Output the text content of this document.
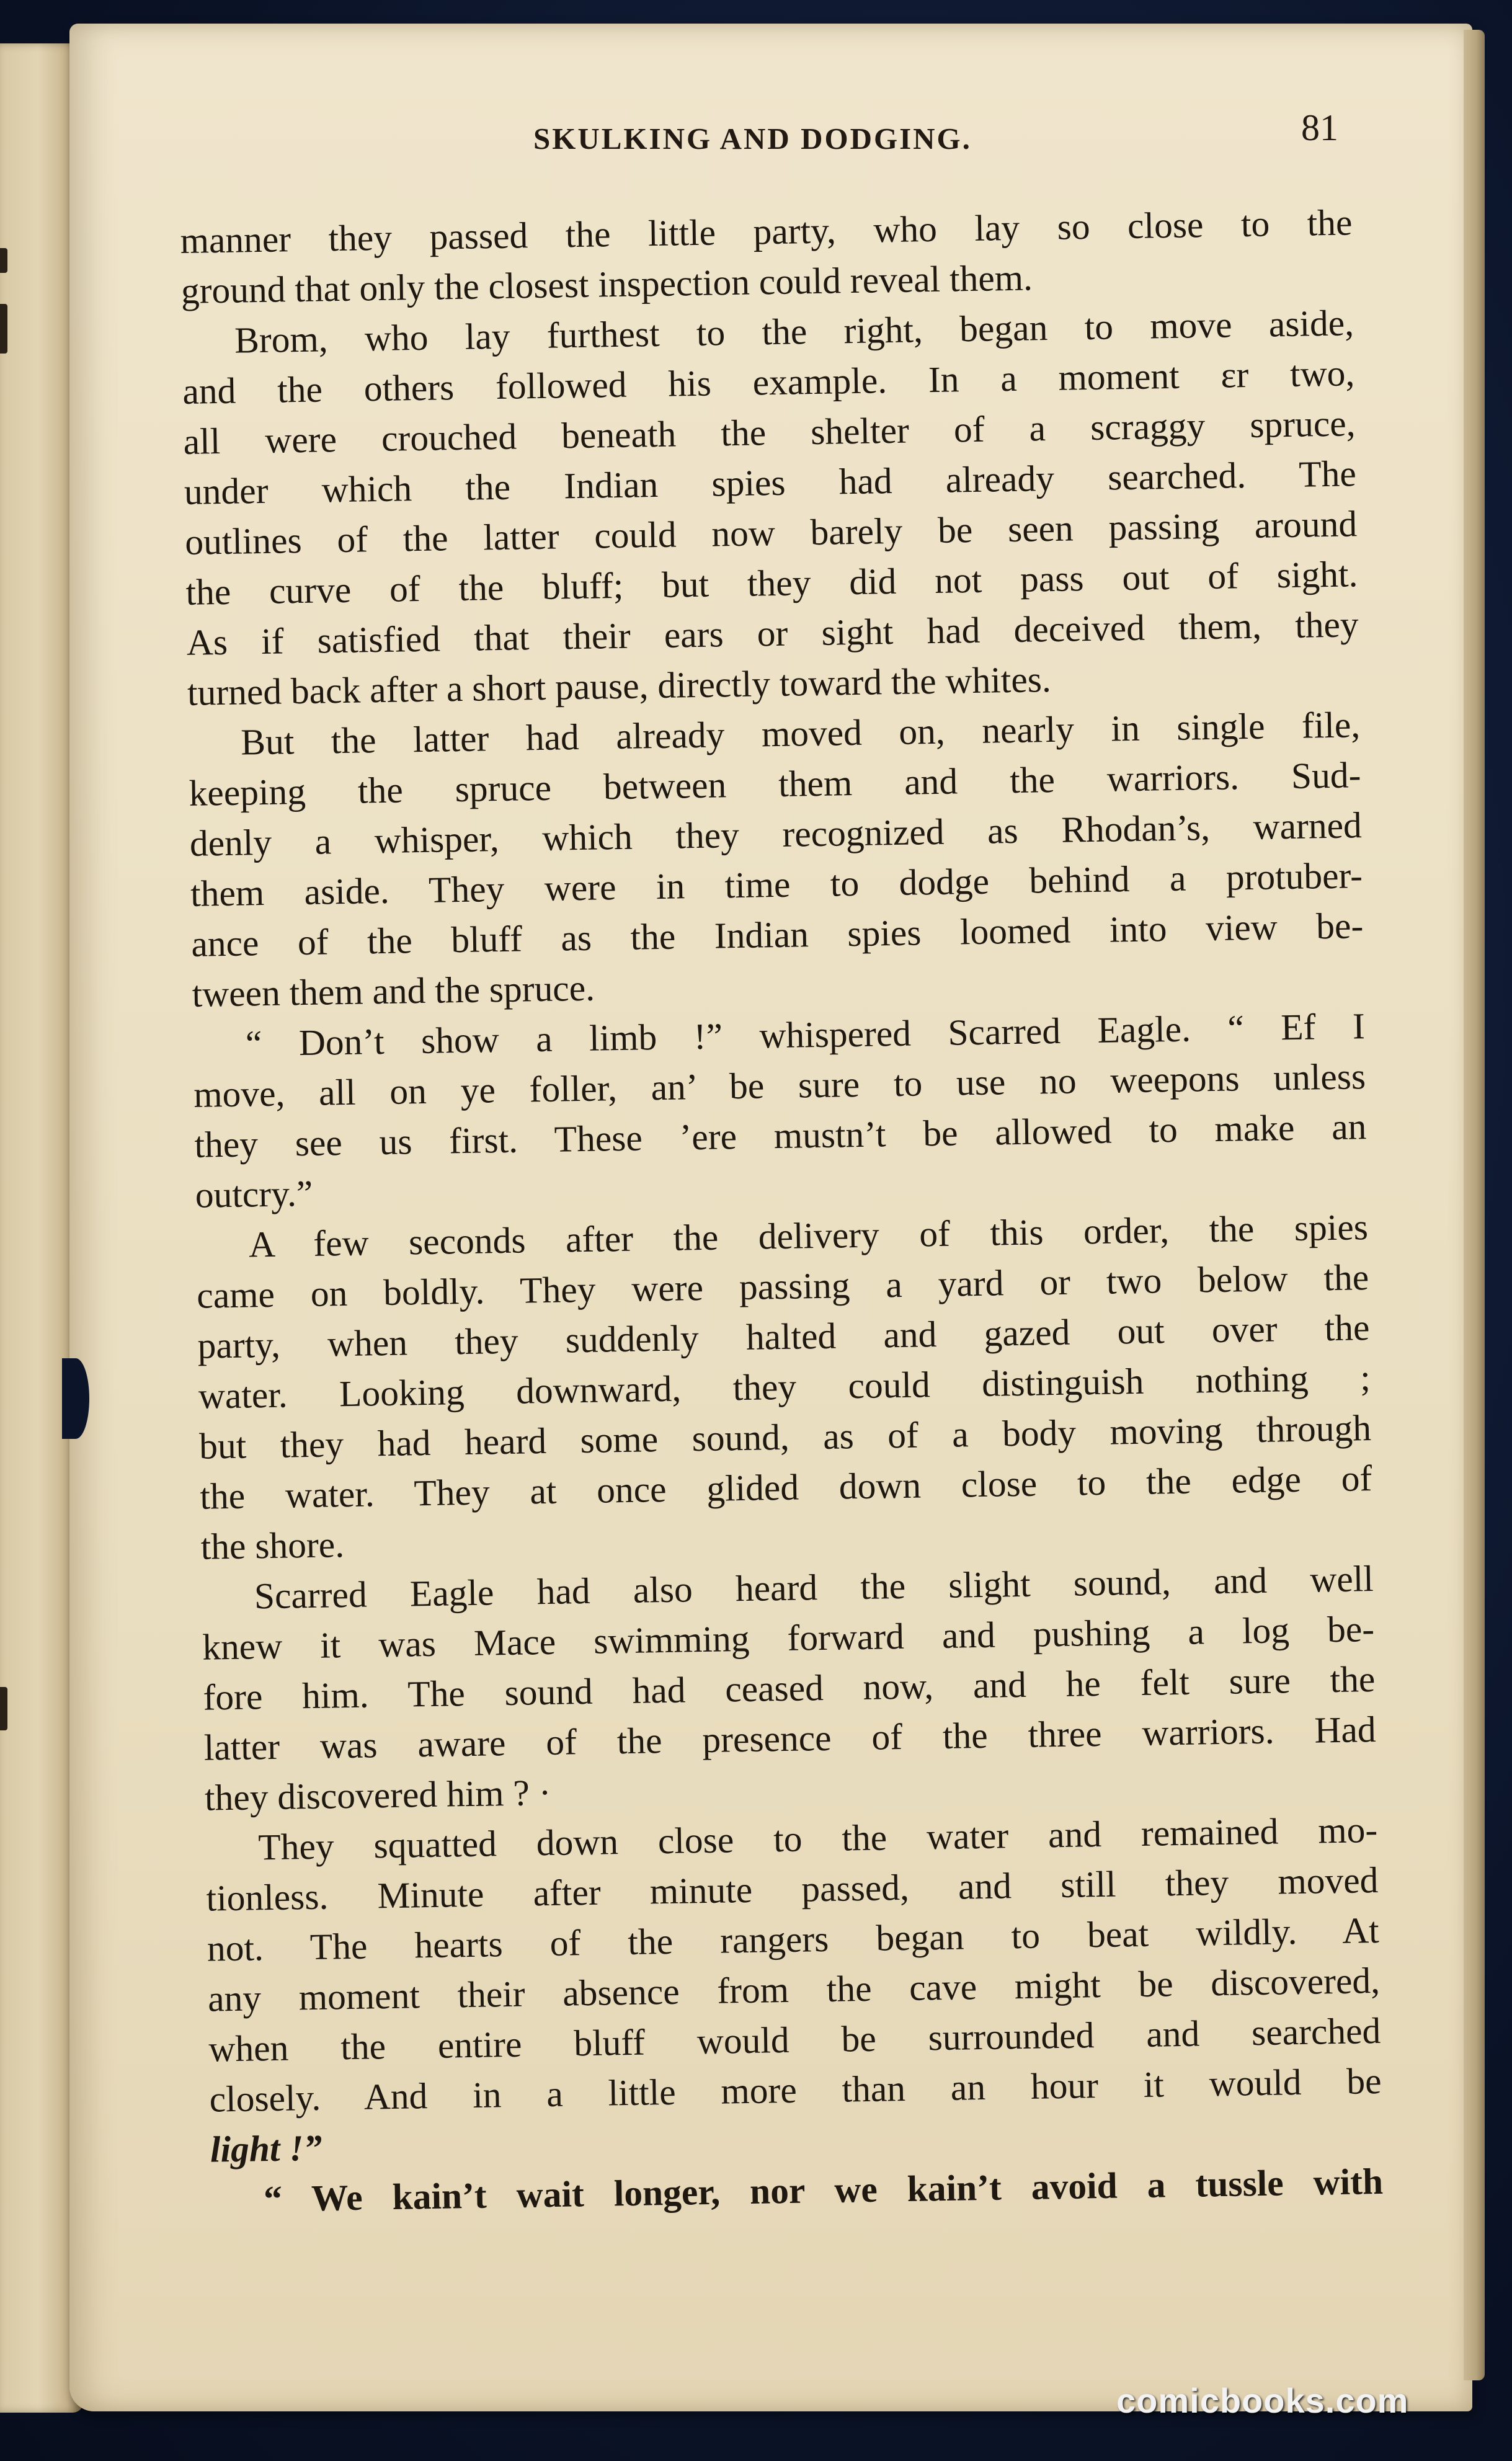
SKULKING AND DODGING.	81
manner they passed the little party, who lay so close to the
ground that only the closest inspection could reveal them.
Brom, who lay furthest to the right, began to move aside,
and the others followed his example. In a moment εr two,
all were crouched beneath the shelter of a scraggy spruce,
under which the Indian spies had already searched. The
outlines of the latter could now barely be seen passing around
the curve of the bluff; but they did not pass out of sight.
As if satisfied that their ears or sight had deceived them, they
turned back after a short pause, directly toward the whites.
But the latter had already moved on, nearly in single file,
keeping the spruce between them and the warriors. Sud-
denly a whisper, which they recognized as Rhodan’s, warned
them aside. They were in time to dodge behind a protuber-
ance of the bluff as the Indian spies loomed into view be-
tween them and the spruce.
“ Don’t show a limb !” whispered Scarred Eagle. “ Ef I
move, all on ye foller, an’ be sure to use no weepons unless
they see us first. These ’ere mustn’t be allowed to make an
outcry.”
A few seconds after the delivery of this order, the spies
came on boldly. They were passing a yard or two below the
party, when they suddenly halted and gazed out over the
water. Looking downward, they could distinguish nothing ;
but they had heard some sound, as of a body moving through
the water. They at once glided down close to the edge of
the shore.
Scarred Eagle had also heard the slight sound, and well
knew it was Mace swimming forward and pushing a log be-
fore him. The sound had ceased now, and he felt sure the
latter was aware of the presence of the three warriors. Had
they discovered him ? ·
They squatted down close to the water and remained mo-
tionless. Minute after minute passed, and still they moved
not. The hearts of the rangers began to beat wildly. At
any moment their absence from the cave might be discovered,
when the entire bluff would be surrounded and searched
closely. And in a little more than an hour it would be
light !”
“ We kain’t wait longer, nor we kain’t avoid a tussle with
comicbooks.com
